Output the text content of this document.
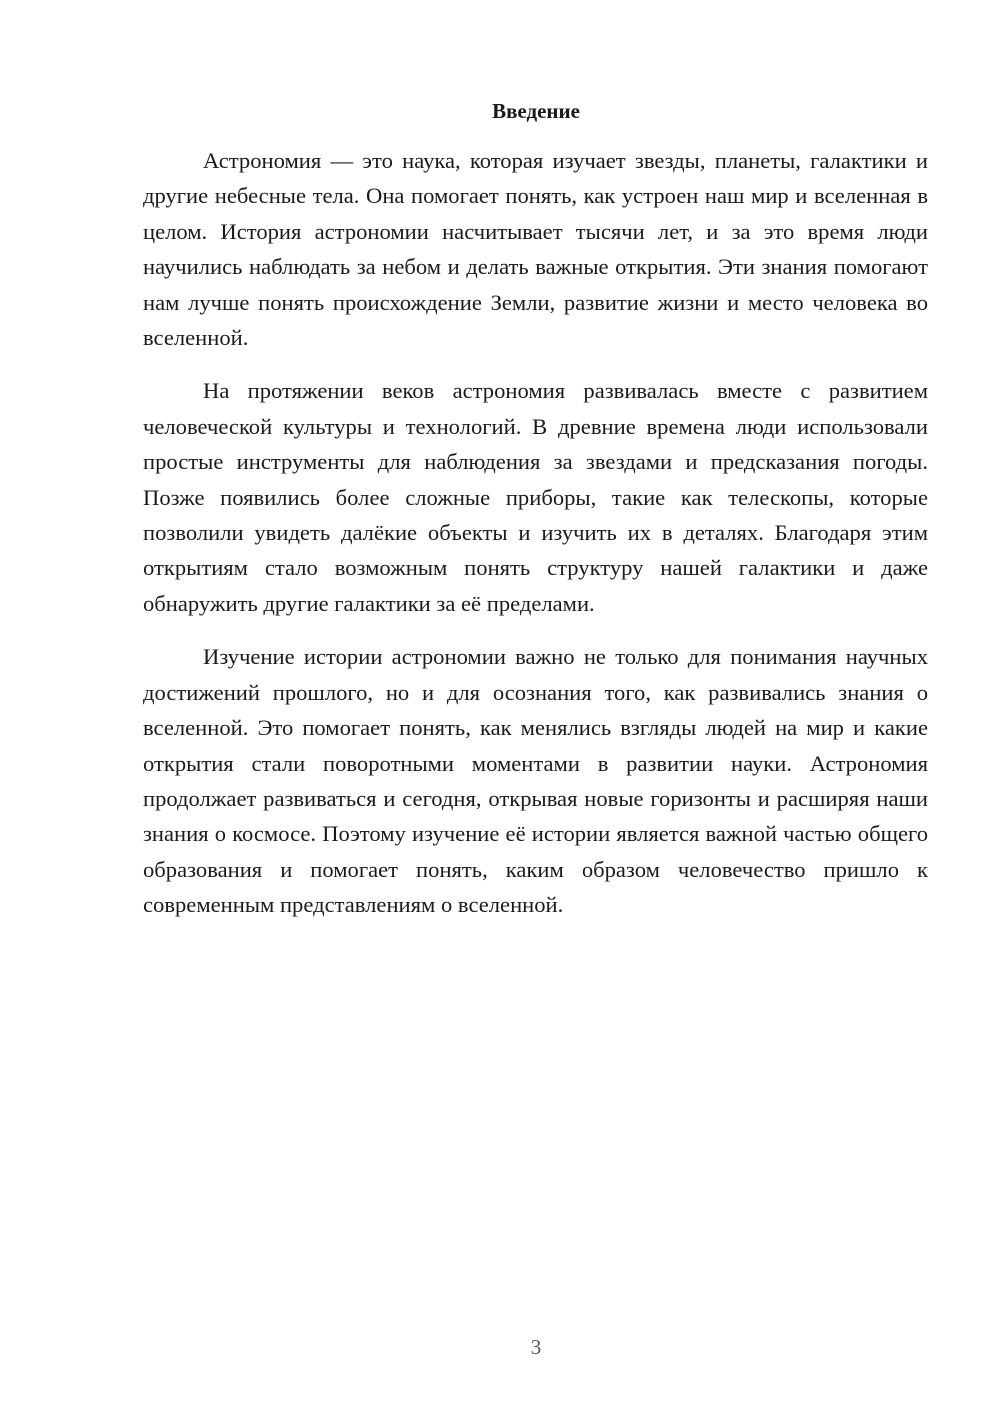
Введение

Астрономия — это наука, которая изучает звезды, планеты, галактики и другие небесные тела. Она помогает понять, как устроен наш мир и вселенная в целом. История астрономии насчитывает тысячи лет, и за это время люди научились наблюдать за небом и делать важные открытия. Эти знания помогают нам лучше понять происхождение Земли, развитие жизни и место человека во вселенной.

На протяжении веков астрономия развивалась вместе с развитием человеческой культуры и технологий. В древние времена люди использовали простые инструменты для наблюдения за звездами и предсказания погоды. Позже появились более сложные приборы, такие как телескопы, которые позволили увидеть далёкие объекты и изучить их в деталях. Благодаря этим открытиям стало возможным понять структуру нашей галактики и даже обнаружить другие галактики за её пределами.

Изучение истории астрономии важно не только для понимания научных достижений прошлого, но и для осознания того, как развивались знания о вселенной. Это помогает понять, как менялись взгляды людей на мир и какие открытия стали поворотными моментами в развитии науки. Астрономия продолжает развиваться и сегодня, открывая новые горизонты и расширяя наши знания о космосе. Поэтому изучение её истории является важной частью общего образования и помогает понять, каким образом человечество пришло к современным представлениям о вселенной.

3
